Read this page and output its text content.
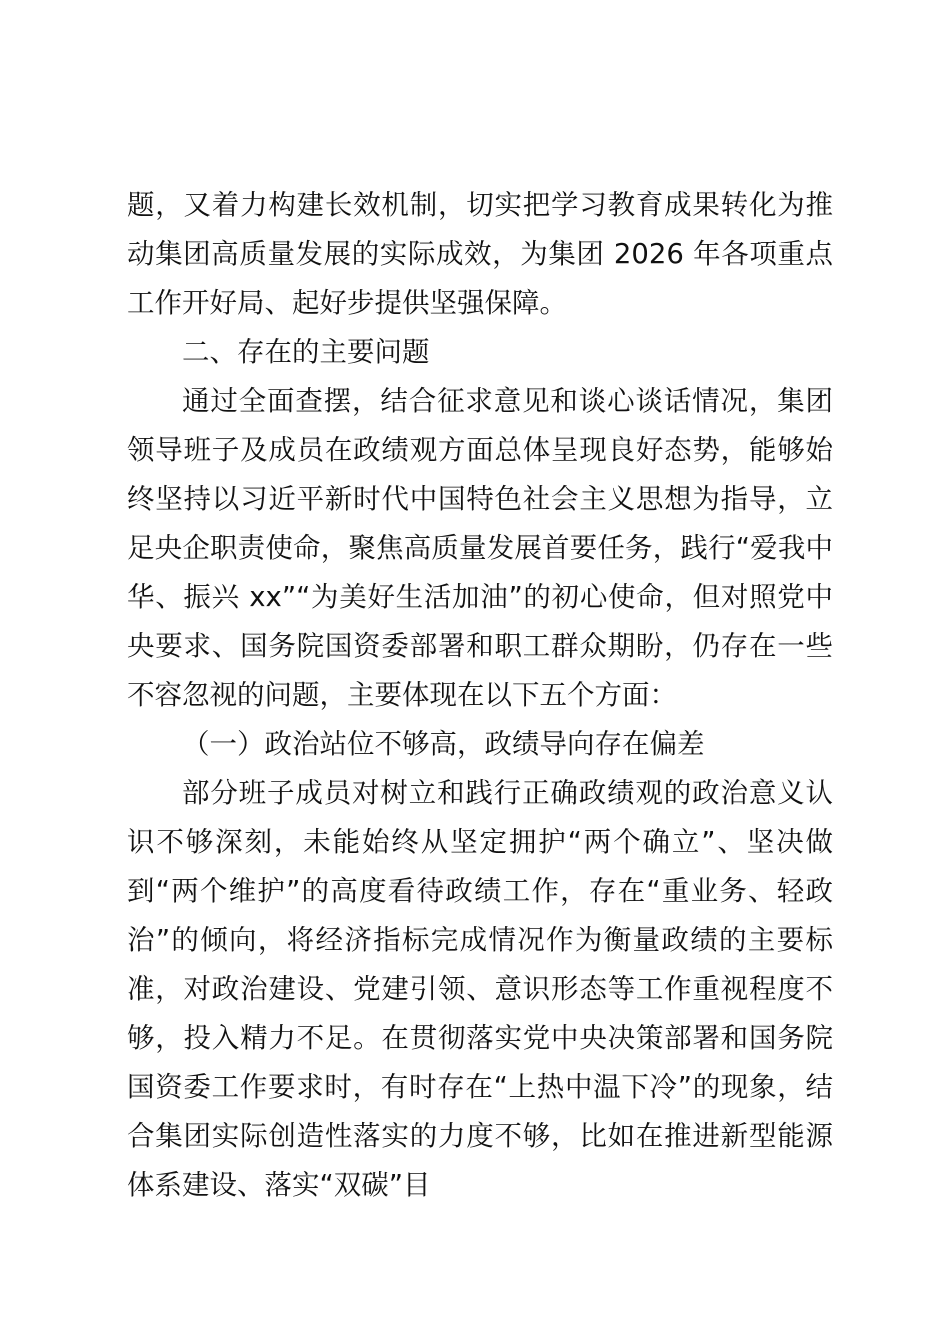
题，又着力构建长效机制，切实把学习教育成果转化为推动集团高质量发展的实际成效，为集团 2026 年各项重点工作开好局、起好步提供坚强保障。

二、存在的主要问题

通过全面查摆，结合征求意见和谈心谈话情况，集团领导班子及成员在政绩观方面总体呈现良好态势，能够始终坚持以习近平新时代中国特色社会主义思想为指导，立足央企职责使命，聚焦高质量发展首要任务，践行“爱我中华、振兴 xx”“为美好生活加油”的初心使命，但对照党中央要求、国务院国资委部署和职工群众期盼，仍存在一些不容忽视的问题，主要体现在以下五个方面：

（一）政治站位不够高，政绩导向存在偏差

部分班子成员对树立和践行正确政绩观的政治意义认识不够深刻，未能始终从坚定拥护“两个确立”、坚决做到“两个维护”的高度看待政绩工作，存在“重业务、轻政治”的倾向，将经济指标完成情况作为衡量政绩的主要标准，对政治建设、党建引领、意识形态等工作重视程度不够，投入精力不足。在贯彻落实党中央决策部署和国务院国资委工作要求时，有时存在“上热中温下冷”的现象，结合集团实际创造性落实的力度不够，比如在推进新型能源体系建设、落实“双碳”目
